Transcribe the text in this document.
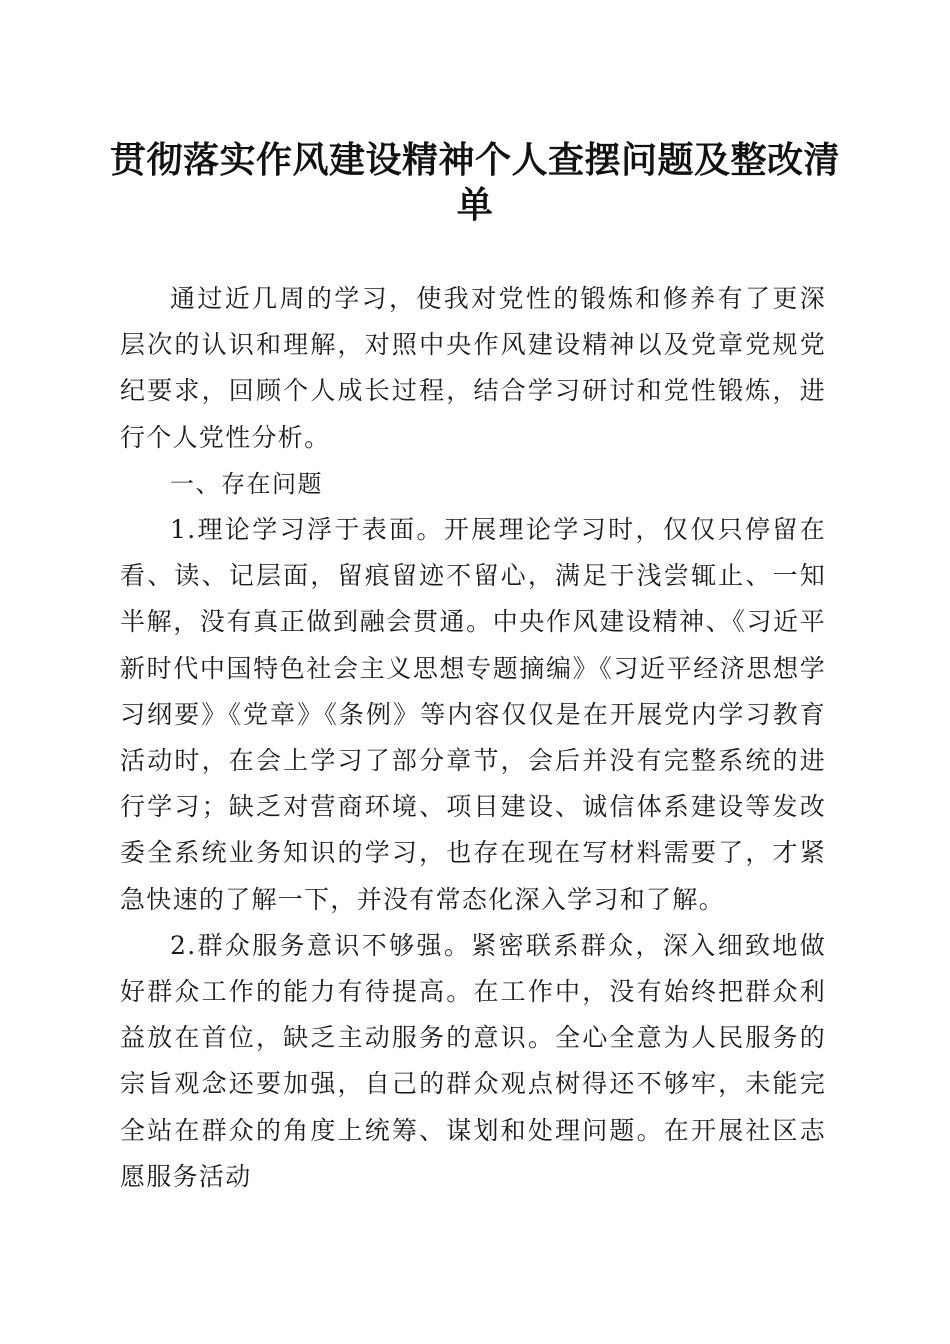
贯彻落实作风建设精神个人查摆问题及整改清单

通过近几周的学习，使我对党性的锻炼和修养有了更深层次的认识和理解，对照中央作风建设精神以及党章党规党纪要求，回顾个人成长过程，结合学习研讨和党性锻炼，进行个人党性分析。

一、存在问题

1.理论学习浮于表面。开展理论学习时，仅仅只停留在看、读、记层面，留痕留迹不留心，满足于浅尝辄止、一知半解，没有真正做到融会贯通。中央作风建设精神、《习近平新时代中国特色社会主义思想专题摘编》《习近平经济思想学习纲要》《党章》《条例》等内容仅仅是在开展党内学习教育活动时，在会上学习了部分章节，会后并没有完整系统的进行学习；缺乏对营商环境、项目建设、诚信体系建设等发改委全系统业务知识的学习，也存在现在写材料需要了，才紧急快速的了解一下，并没有常态化深入学习和了解。

2.群众服务意识不够强。紧密联系群众，深入细致地做好群众工作的能力有待提高。在工作中，没有始终把群众利益放在首位，缺乏主动服务的意识。全心全意为人民服务的宗旨观念还要加强，自己的群众观点树得还不够牢，未能完全站在群众的角度上统筹、谋划和处理问题。在开展社区志愿服务活动
